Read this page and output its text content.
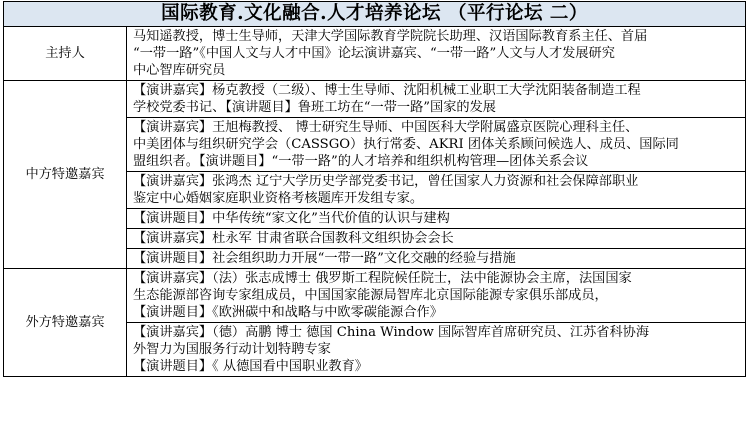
国际教育.文化融合.人才培养论坛 （平行论坛 二）	
主持人	马知遥教授，博士生导师，天津大学国际教育学院院长助理、汉语国际教育系主任、首届
“一带一路”《中国人文与人才中国》论坛演讲嘉宾、“一带一路”人文与人才发展研究
中心智库研究员

中方特邀嘉宾	【演讲嘉宾】杨克教授（二级）、博士生导师、沈阳机械工业职工大学沈阳装备制造工程
学校党委书记、【演讲题目】鲁班工坊在“一带一路”国家的发展

	【演讲嘉宾】王旭梅教授、 博士研究生导师、中国医科大学附属盛京医院心理科主任、
中美团体与组织研究学会（CASSGO）执行常委、AKRI 团体关系顾问候选人、成员、国际同
盟组织者。【演讲题目】“一带一路”的人才培养和组织机构管理—团体关系会议

	【演讲嘉宾】张鸿杰 辽宁大学历史学部党委书记，曾任国家人力资源和社会保障部职业
鉴定中心婚姻家庭职业资格考核题库开发组专家。

	【演讲题目】中华传统“家文化”当代价值的认识与建构

	【演讲嘉宾】杜永军 甘肃省联合国教科文组织协会会长

	【演讲题目】社会组织助力开展“一带一路”文化交融的经验与措施

外方特邀嘉宾	【演讲嘉宾】（法）张志成博士 俄罗斯工程院候任院士，法中能源协会主席，法国国家
生态能源部咨询专家组成员，中国国家能源局智库北京国际能源专家俱乐部成员，
【演讲题目】《欧洲碳中和战略与中欧零碳能源合作》

	【演讲嘉宾】（德）高鹏 博士 德国 China Window 国际智库首席研究员、江苏省科协海
外智力为国服务行动计划特聘专家
【演讲题目】《 从德国看中国职业教育》
